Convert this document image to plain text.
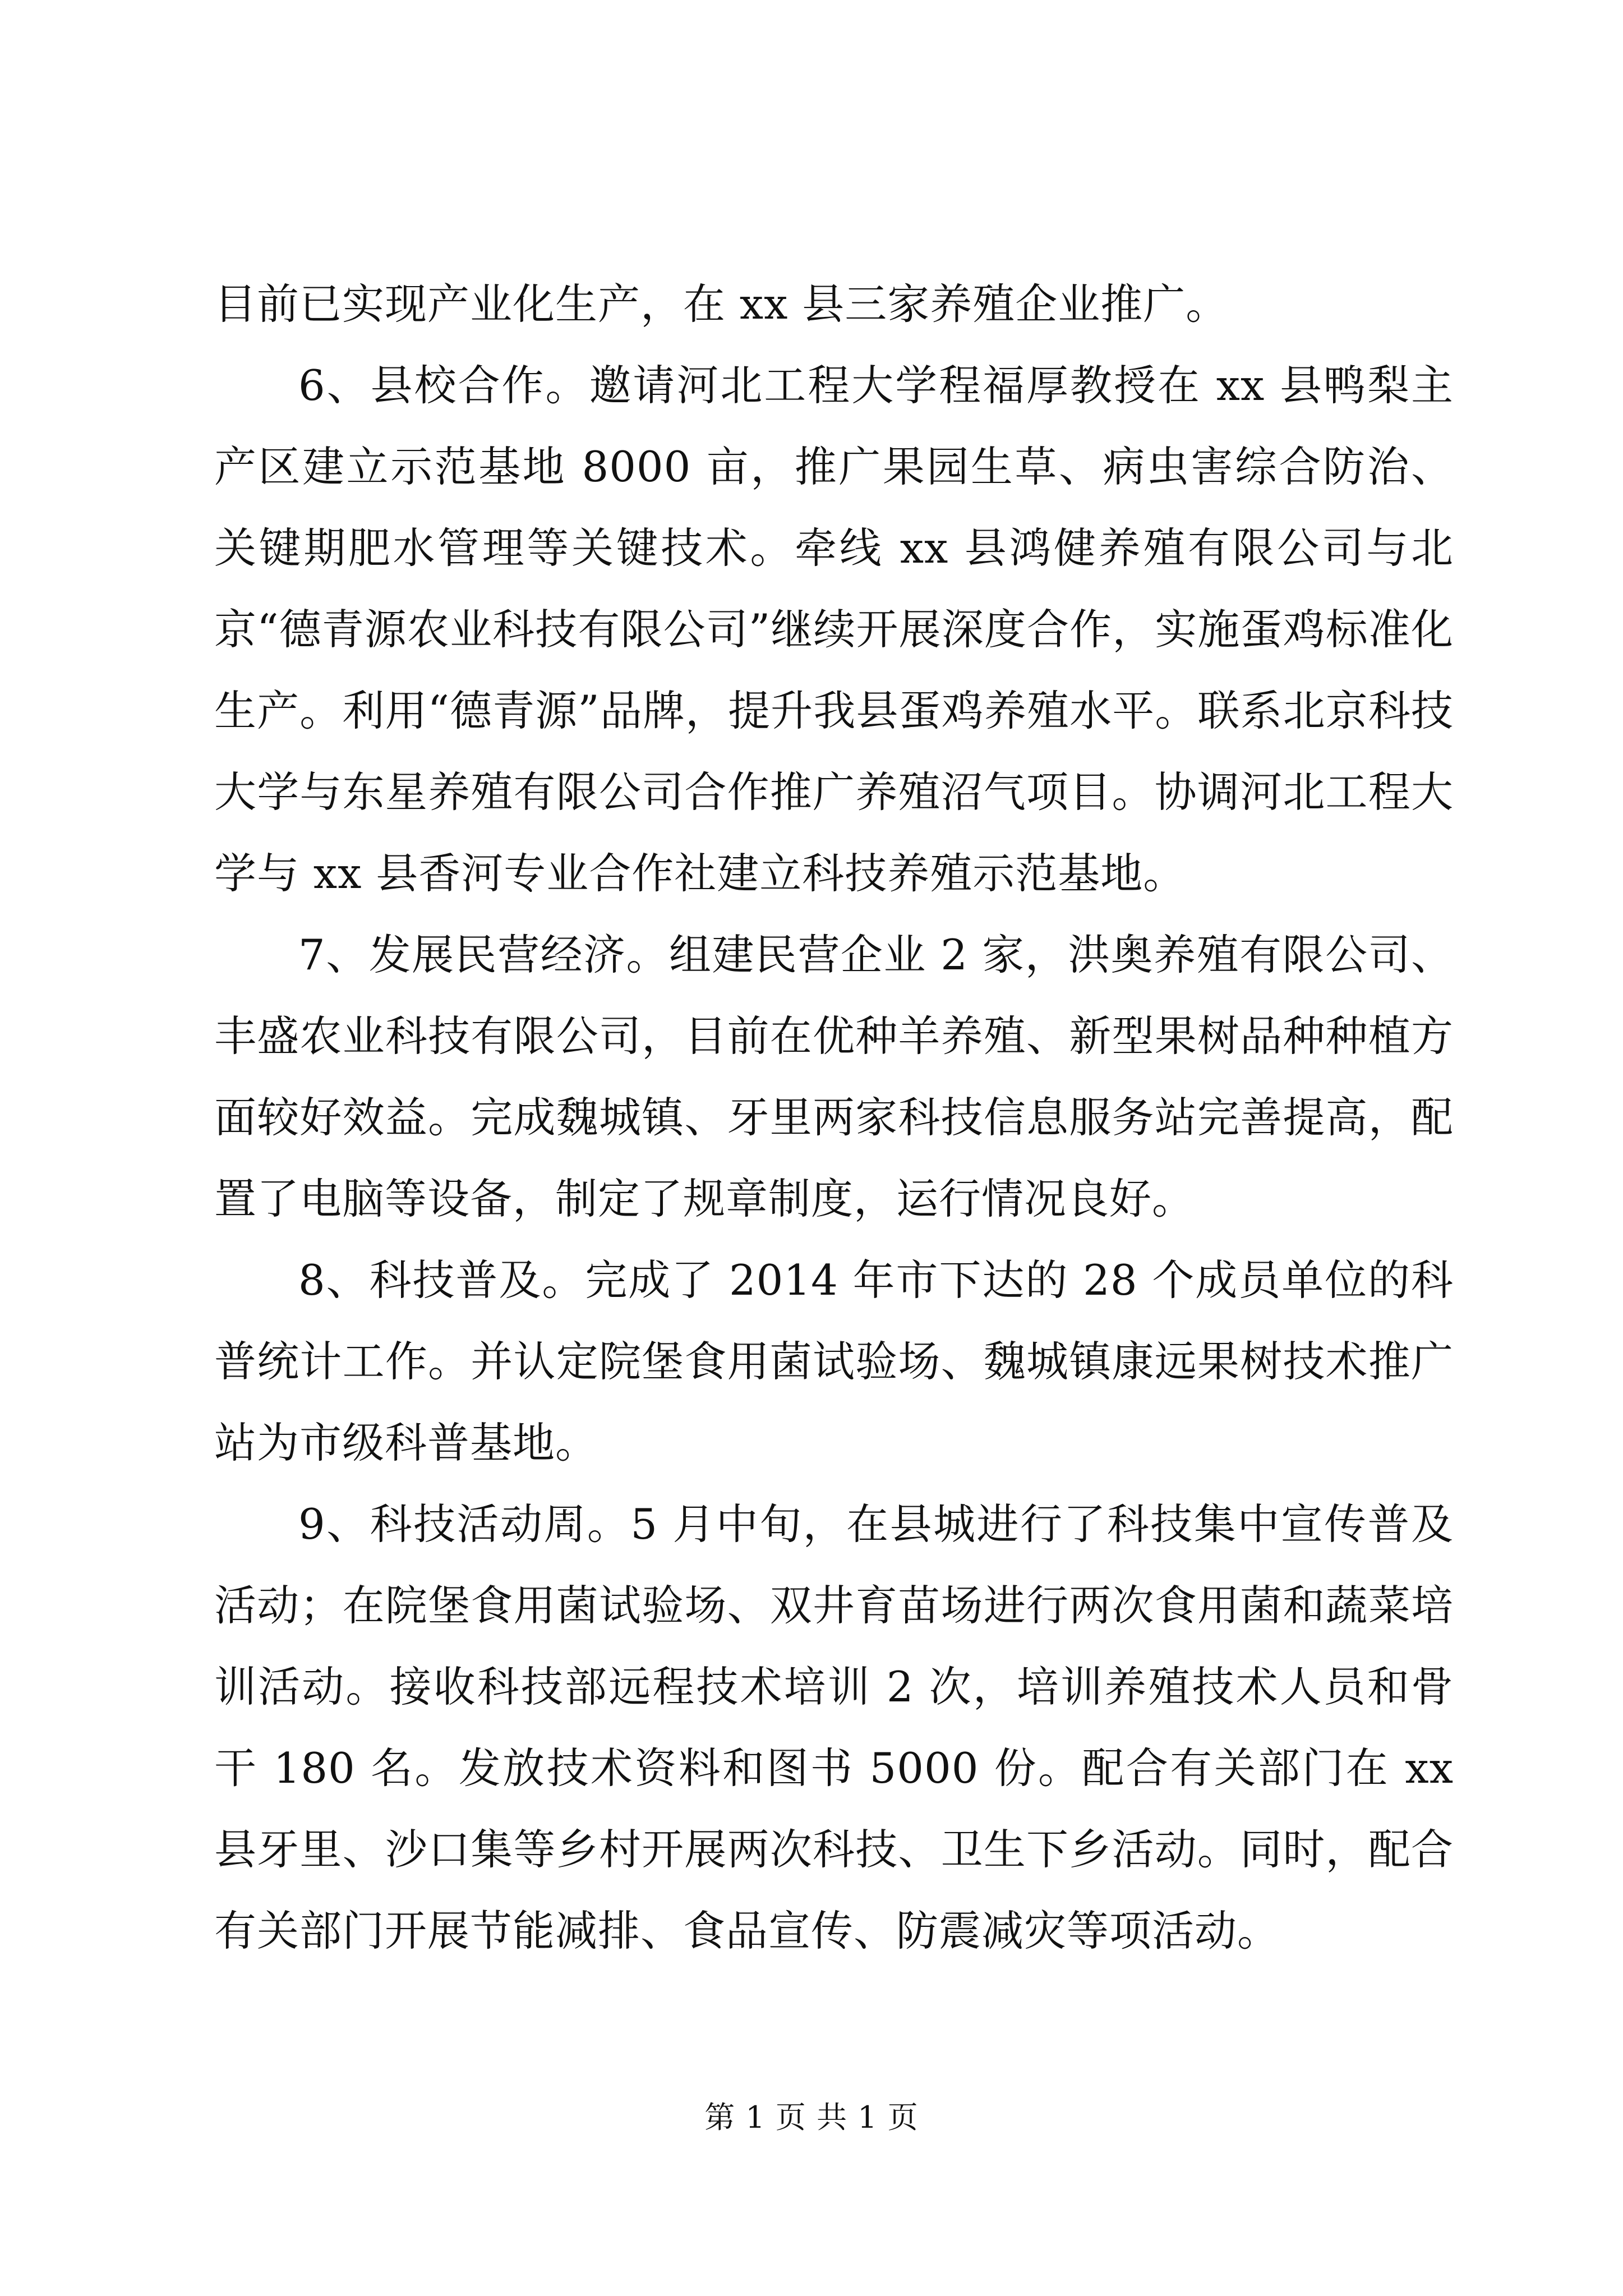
目前已实现产业化生产，在 xx 县三家养殖企业推广。

6、县校合作。邀请河北工程大学程福厚教授在 xx 县鸭梨主产区建立示范基地 8000 亩，推广果园生草、病虫害综合防治、关键期肥水管理等关键技术。牵线 xx 县鸿健养殖有限公司与北京“德青源农业科技有限公司”继续开展深度合作，实施蛋鸡标准化生产。利用“德青源”品牌，提升我县蛋鸡养殖水平。联系北京科技大学与东星养殖有限公司合作推广养殖沼气项目。协调河北工程大学与 xx 县香河专业合作社建立科技养殖示范基地。

7、发展民营经济。组建民营企业 2 家，洪奥养殖有限公司、丰盛农业科技有限公司，目前在优种羊养殖、新型果树品种种植方面较好效益。完成魏城镇、牙里两家科技信息服务站完善提高，配置了电脑等设备，制定了规章制度，运行情况良好。

8、科技普及。完成了 2014 年市下达的 28 个成员单位的科普统计工作。并认定院堡食用菌试验场、魏城镇康远果树技术推广站为市级科普基地。

9、科技活动周。5 月中旬，在县城进行了科技集中宣传普及活动；在院堡食用菌试验场、双井育苗场进行两次食用菌和蔬菜培训活动。接收科技部远程技术培训 2 次，培训养殖技术人员和骨干 180 名。发放技术资料和图书 5000 份。配合有关部门在 xx 县牙里、沙口集等乡村开展两次科技、卫生下乡活动。同时，配合有关部门开展节能减排、食品宣传、防震减灾等项活动。

第 1 页 共 1 页
